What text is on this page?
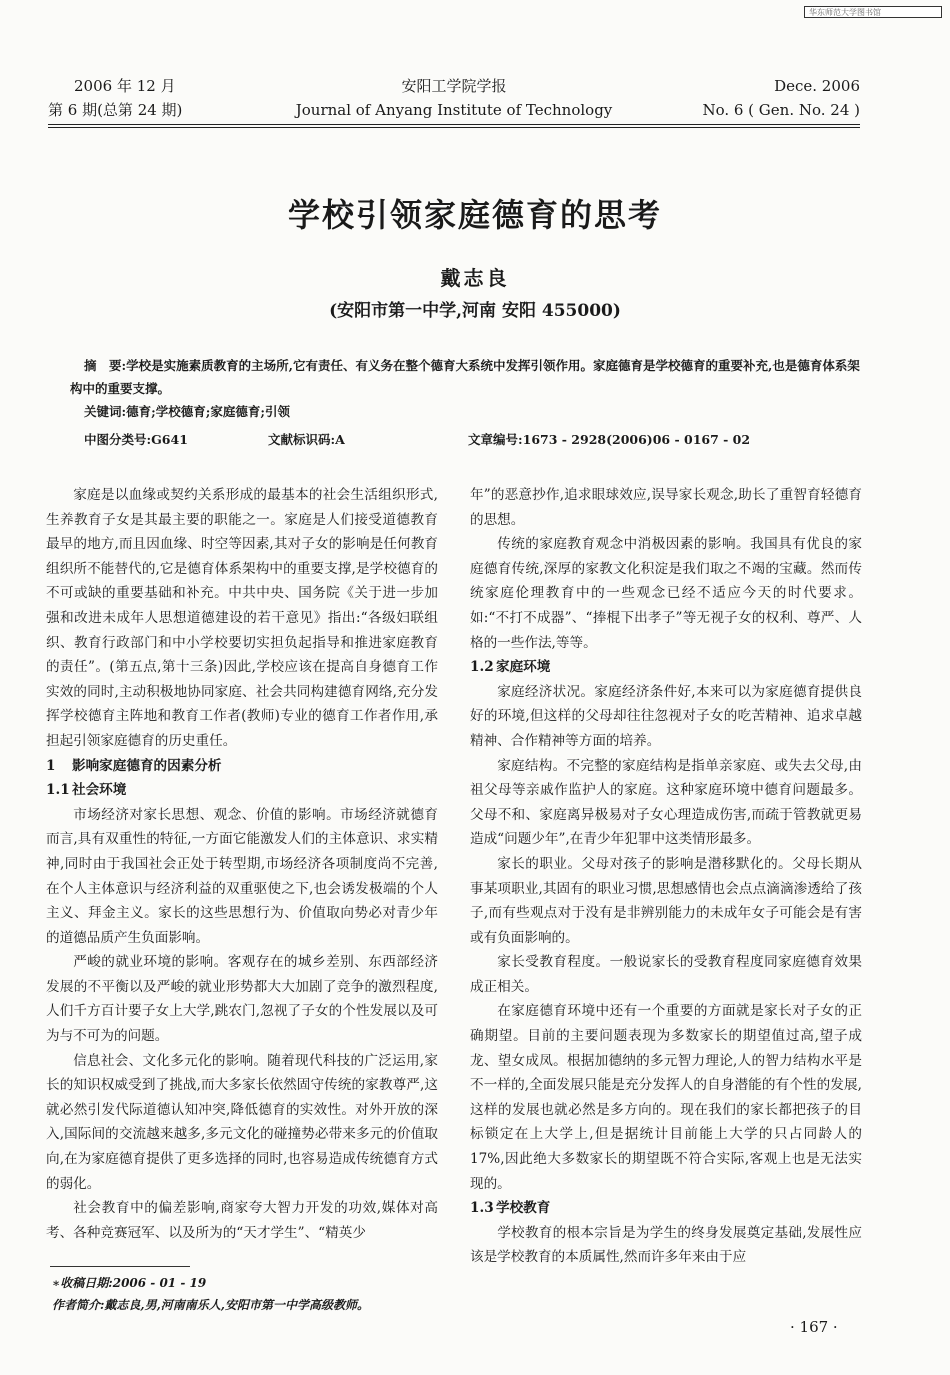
华东师范大学图书馆
2006 年 12 月
第 6 期(总第 24 期)
安阳工学院学报
Journal of Anyang Institute of Technology
Dece. 2006
No. 6 ( Gen. No. 24 )
学校引领家庭德育的思考
戴志良
(安阳市第一中学,河南 安阳 455000)
摘　要:学校是实施素质教育的主场所,它有责任、有义务在整个德育大系统中发挥引领作用。家庭德育是学校德育的重要补充,也是德育体系架构中的重要支撑。
关键词:德育;学校德育;家庭德育;引领
中图分类号:G641	文献标识码:A	文章编号:1673 - 2928(2006)06 - 0167 - 02

家庭是以血缘或契约关系形成的最基本的社会生活组织形式,生养教育子女是其最主要的职能之一。家庭是人们接受道德教育最早的地方,而且因血缘、时空等因素,其对子女的影响是任何教育组织所不能替代的,它是德育体系架构中的重要支撑,是学校德育的不可或缺的重要基础和补充。中共中央、国务院《关于进一步加强和改进未成年人思想道德建设的若干意见》指出:“各级妇联组织、教育行政部门和中小学校要切实担负起指导和推进家庭教育的责任”。(第五点,第十三条)因此,学校应该在提高自身德育工作实效的同时,主动积极地协同家庭、社会共同构建德育网络,充分发挥学校德育主阵地和教育工作者(教师)专业的德育工作者作用,承担起引领家庭德育的历史重任。

1 影响家庭德育的因素分析
1.1 社会环境

市场经济对家长思想、观念、价值的影响。市场经济就德育而言,具有双重性的特征,一方面它能激发人们的主体意识、求实精神,同时由于我国社会正处于转型期,市场经济各项制度尚不完善,在个人主体意识与经济利益的双重驱使之下,也会诱发极端的个人主义、拜金主义。家长的这些思想行为、价值取向势必对青少年的道德品质产生负面影响。

严峻的就业环境的影响。客观存在的城乡差别、东西部经济发展的不平衡以及严峻的就业形势都大大加剧了竞争的激烈程度,人们千方百计要子女上大学,跳农门,忽视了子女的个性发展以及可为与不可为的问题。

信息社会、文化多元化的影响。随着现代科技的广泛运用,家长的知识权威受到了挑战,而大多家长依然固守传统的家教尊严,这就必然引发代际道德认知冲突,降低德育的实效性。对外开放的深入,国际间的交流越来越多,多元文化的碰撞势必带来多元的价值取向,在为家庭德育提供了更多选择的同时,也容易造成传统德育方式的弱化。

社会教育中的偏差影响,商家夸大智力开发的功效,媒体对高考、各种竞赛冠军、以及所为的“天才学生”、“精英少

年”的恶意抄作,追求眼球效应,误导家长观念,助长了重智育轻德育的思想。

传统的家庭教育观念中消极因素的影响。我国具有优良的家庭德育传统,深厚的家教文化积淀是我们取之不竭的宝藏。然而传统家庭伦理教育中的一些观念已经不适应今天的时代要求。如:“不打不成器”、“捧棍下出孝子”等无视子女的权利、尊严、人格的一些作法,等等。

1.2 家庭环境

家庭经济状况。家庭经济条件好,本来可以为家庭德育提供良好的环境,但这样的父母却往往忽视对子女的吃苦精神、追求卓越精神、合作精神等方面的培养。

家庭结构。不完整的家庭结构是指单亲家庭、或失去父母,由祖父母等亲戚作监护人的家庭。这种家庭环境中德育问题最多。父母不和、家庭离异极易对子女心理造成伤害,而疏于管教就更易造成“问题少年”,在青少年犯罪中这类情形最多。

家长的职业。父母对孩子的影响是潜移默化的。父母长期从事某项职业,其固有的职业习惯,思想感情也会点点滴滴渗透给了孩子,而有些观点对于没有是非辨别能力的未成年女子可能会是有害或有负面影响的。

家长受教育程度。一般说家长的受教育程度同家庭德育效果成正相关。

在家庭德育环境中还有一个重要的方面就是家长对子女的正确期望。目前的主要问题表现为多数家长的期望值过高,望子成龙、望女成凤。根据加德纳的多元智力理论,人的智力结构水平是不一样的,全面发展只能是充分发挥人的自身潜能的有个性的发展,这样的发展也就必然是多方向的。现在我们的家长都把孩子的目标锁定在上大学上,但是据统计目前能上大学的只占同龄人的 17%,因此绝大多数家长的期望既不符合实际,客观上也是无法实现的。

1.3 学校教育

学校教育的根本宗旨是为学生的终身发展奠定基础,发展性应该是学校教育的本质属性,然而许多年来由于应

∗收稿日期:2006 - 01 - 19
作者简介:戴志良,男,河南南乐人,安阳市第一中学高级教师。
· 167 ·
